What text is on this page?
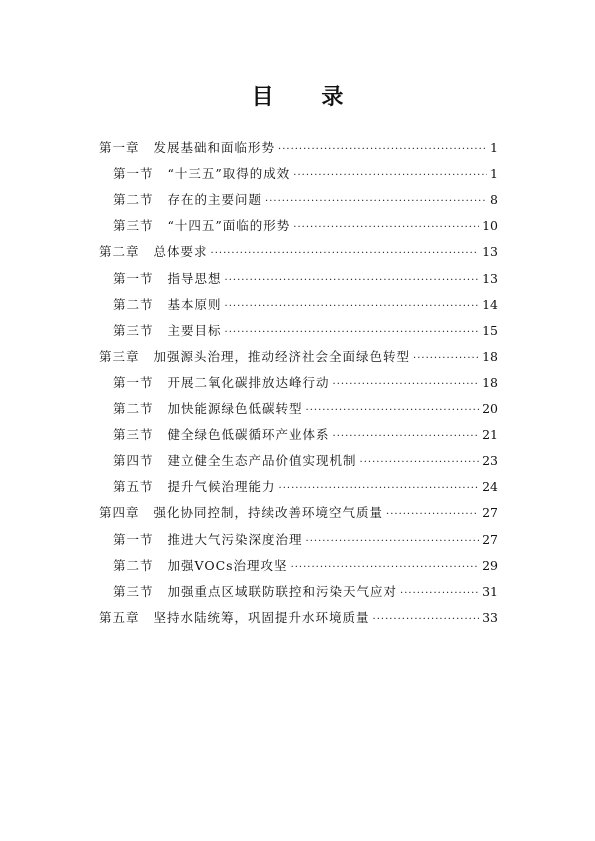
目 录
第一章 发展基础和面临形势 ·····	1
第一节 “十三五”取得的成效 ·····	1
第二节 存在的主要问题 ·····	8
第三节 “十四五”面临的形势 ·····	10
第二章 总体要求 ·····	13
第一节 指导思想 ·····	13
第二节 基本原则 ·····	14
第三节 主要目标 ·····	15
第三章 加强源头治理，推动经济社会全面绿色转型 ·····	18
第一节 开展二氧化碳排放达峰行动 ·····	18
第二节 加快能源绿色低碳转型 ·····	20
第三节 健全绿色低碳循环产业体系 ·····	21
第四节 建立健全生态产品价值实现机制 ·····	23
第五节 提升气候治理能力 ·····	24
第四章 强化协同控制，持续改善环境空气质量 ·····	27
第一节 推进大气污染深度治理 ·····	27
第二节 加强VOCs治理攻坚 ·····	29
第三节 加强重点区域联防联控和污染天气应对 ·····	31
第五章 坚持水陆统筹，巩固提升水环境质量 ·····	33
